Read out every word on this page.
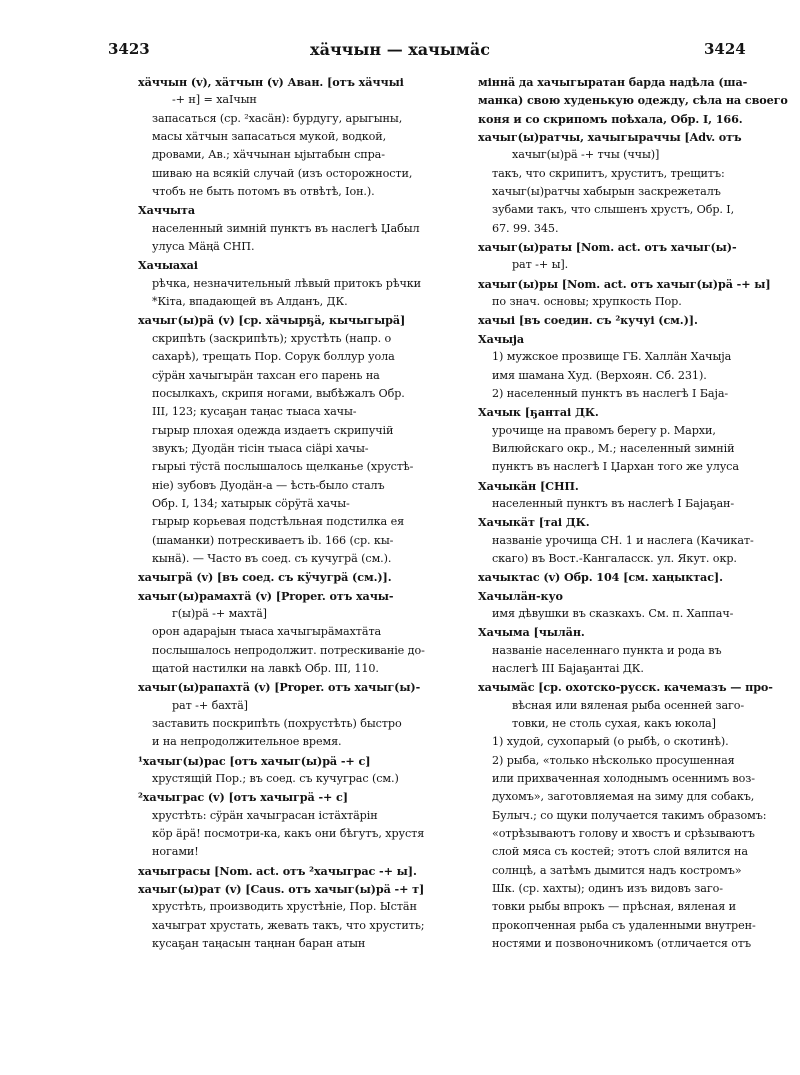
3423	хäччын — хачымäс	3424
хäччын (v), хäтчын (v) Аван. [отъ хäччыі
-+ н] = хаIчын
запасаться (ср. ²хасäн): бурдугу, арыгыны,
масы хäтчын запасаться мукой, водкой,
дровами, Ав.; хäччынан ыјытабын спра-
шиваю на всякій случай (изъ осторожности,
чтобъ не быть потомъ въ отвѣтѣ, Іон.).
Хаччыта
населенный зимній пунктъ въ наслегѣ Џабыл
улуса Мäңä СНП.
Хачыахаі
рѣчка, незначительный лѣвый притокъ рѣчки
*Кіта, впадающей въ Алданъ, ДК.
хачыг(ы)рä (v) [ср. хäчырҕä, кычыгырä]
скрипѣть (заскрипѣть); хрустѣть (напр. о
сахарѣ), трещать Пор. Сорук боллур уола
сÿрäн хачыгырäн тахсан его парень на
посылкахъ, скрипя ногами, выбѣжалъ Обр.
III, 123; кусаҕан таңас тыаса хачы-
гырыр плохая одежда издаетъ скрипучій
звукъ; Дуодäн тісін тыаса сіäрі хачы-
гырыі тÿстä послышалось щелканье (хрустѣ-
ніе) зубовъ Дуодäн-а — ѣсть-было сталъ
Обр. I, 134; хатырык сöрÿтä хачы-
гырыр корьевая подстѣльная подстилка ея
(шаманки) потрескиваетъ ib. 166 (ср. кы-
кынä). — Часто въ соед. съ кучугрä (см.).
хачыгрä (v) [въ соед. съ кÿчугрä (см.)].
хачыг(ы)рамахтä (v) [Proper. отъ хачы-
г(ы)рä -+ махтä]
орон адарајын тыаса хачыгырäмахтäта
послышалось непродолжит. потрескиваніе до-
щатой настилки на лавкѣ Обр. III, 110.
хачыг(ы)рапахтä (v) [Proper. отъ хачыг(ы)-
рат -+ бахтä]
заставить поскрипѣть (похрустѣть) быстро
и на непродолжительное время.
¹хачыг(ы)рас [отъ хачыг(ы)рä -+ с]
хрустящій Пор.; въ соед. съ кучуграс (см.)
²хачыграс (v) [отъ хачыгрä -+ с]
хрустѣть: сÿрäн хачыграсан істäхтäрін
кöр äрä! посмотри-ка, какъ они бѣгутъ, хрустя
ногами!
хачыграсы [Nom. act. отъ ²хачыграс -+ ы].
хачыг(ы)рат (v) [Caus. отъ хачыг(ы)рä -+ т]
хрустѣть, производить хрустѣніе, Пор. Ыстäн
хачыграт хрустать, жевать такъ, что хрустить;
кусаҕан таңасын таңнан баран атын
міннä да хачыгыратан барда надѣла (ша-
манка) свою худенькую одежду, сѣла на своего
коня и со скрипомъ поѣхала, Обр. I, 166.
хачыг(ы)ратчы, хачыгыраччы [Adv. отъ
хачыг(ы)рä -+ тчы (ччы)]
такъ, что скрипитъ, хруститъ, трещитъ:
хачыг(ы)ратчы хабырын заскрежеталъ
зубами такъ, что слышенъ хрустъ, Обр. I,
67. 99. 345.
хачыг(ы)раты [Nom. act. отъ хачыг(ы)-
рат -+ ы].
хачыг(ы)ры [Nom. act. отъ хачыг(ы)рä -+ ы]
по знач. основы; хрупкость Пор.
хачыі [въ соедин. съ ²кучуі (см.)].
Хачыја
1) мужское прозвище ГБ. Халлäн Хачыја
имя шамана Худ. (Верхоян. Сб. 231).
2) населенный пунктъ въ наслегѣ I Баја-
Хачык [ҕантаі ДК.
урочище на правомъ берегу р. Мархи,
Вилюйскаго окр., М.; населенный зимній
пунктъ въ наслегѣ I Џархан того же улуса
Хачыкäн [СНП.
населенный пунктъ въ наслегѣ I Бајаҕан-
Хачыкäт [таі ДК.
названіе урочища СН. 1 и наслега (Качикат-
скаго) въ Вост.-Кангаласск. ул. Якут. окр.
хачыктас (v) Обр. 104 [см. хаңыктас].
Хачылäн-куо
имя дѣвушки въ сказкахъ. См. п. Хаппач-
Хачыма [чылäн.
названіе населеннаго пункта и рода въ
наслегѣ III Бајаҕантаі ДК.
хачымäс [ср. охотско-русск. качемазъ — про-
вѣсная или вяленая рыба осенней заго-
товки, не столь сухая, какъ юкола]
1) худой, сухопарый (о рыбѣ, о скотинѣ).
2) рыба, «только нѣсколько просушенная
или прихваченная холоднымъ осеннимъ воз-
духомъ», заготовляемая на зиму для собакъ,
Булыч.; со щуки получается такимъ образомъ:
«отрѣзываютъ голову и хвостъ и срѣзываютъ
слой мяса съ костей; этотъ слой вялится на
солнцѣ, а затѣмъ дымится надъ костромъ»
Шк. (ср. хахты); одинъ изъ видовъ заго-
товки рыбы впрокъ — прѣсная, вяленая и
прокопченная рыба съ удаленными внутрен-
ностями и позвоночникомъ (отличается отъ
